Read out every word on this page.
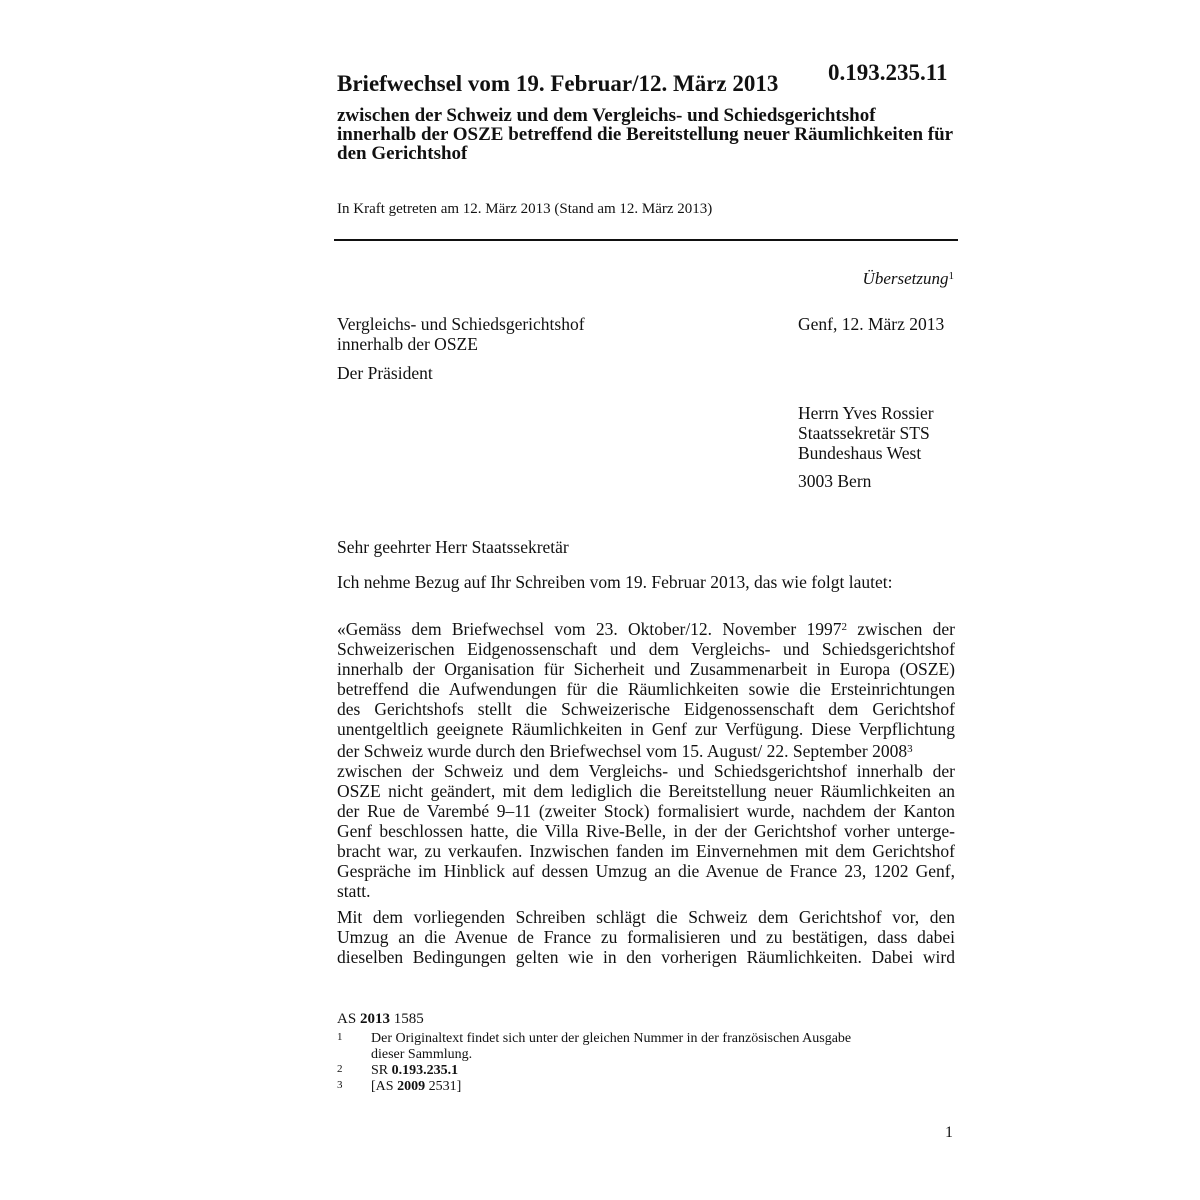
0.193.235.11
Briefwechsel vom 19. Februar/12. März 2013
zwischen der Schweiz und dem Vergleichs- und Schiedsgerichtshof innerhalb der OSZE betreffend die Bereitstellung neuer Räumlichkeiten für den Gerichtshof
In Kraft getreten am 12. März 2013 (Stand am 12. März 2013)
Übersetzung$^1$
Vergleichs- und Schiedsgerichtshof
innerhalb der OSZE
Der Präsident
Genf, 12. März 2013
Herrn Yves Rossier
Staatssekretär STS
Bundeshaus West
3003 Bern
Sehr geehrter Herr Staatssekretär
Ich nehme Bezug auf Ihr Schreiben vom 19. Februar 2013, das wie folgt lautet:
«Gemäss dem Briefwechsel vom 23. Oktober/12. November 1997$^2$ zwischen der
Schweizerischen Eidgenossenschaft und dem Vergleichs- und Schiedsgerichtshof
innerhalb der Organisation für Sicherheit und Zusammenarbeit in Europa (OSZE)
betreffend die Aufwendungen für die Räumlichkeiten sowie die Ersteinrichtungen
des Gerichtshofs stellt die Schweizerische Eidgenossenschaft dem Gerichtshof
unentgeltlich geeignete Räumlichkeiten in Genf zur Verfügung. Diese Verpflichtung
der Schweiz wurde durch den Briefwechsel vom 15. August/ 22. September 2008$^3$
zwischen der Schweiz und dem Vergleichs- und Schiedsgerichtshof innerhalb der
OSZE nicht geändert, mit dem lediglich die Bereitstellung neuer Räumlichkeiten an
der Rue de Varembé 9–11 (zweiter Stock) formalisiert wurde, nachdem der Kanton
Genf beschlossen hatte, die Villa Rive-Belle, in der der Gerichtshof vorher unterge-
bracht war, zu verkaufen. Inzwischen fanden im Einvernehmen mit dem Gerichtshof
Gespräche im Hinblick auf dessen Umzug an die Avenue de France 23, 1202 Genf,
statt.
Mit dem vorliegenden Schreiben schlägt die Schweiz dem Gerichtshof vor, den
Umzug an die Avenue de France zu formalisieren und zu bestätigen, dass dabei
dieselben Bedingungen gelten wie in den vorherigen Räumlichkeiten. Dabei wird
AS 2013 1585
1 Der Originaltext findet sich unter der gleichen Nummer in der französischen Ausgabe
dieser Sammlung.
2 SR 0.193.235.1
3 [AS 2009 2531]
1
